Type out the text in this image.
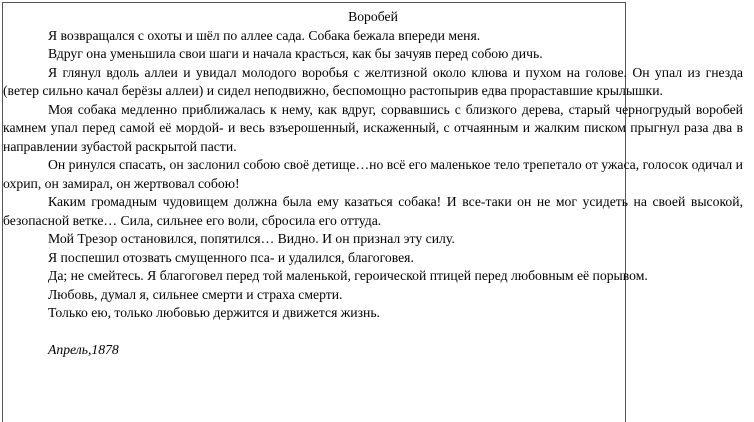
Воробей

Я возвращался с охоты и шёл по аллее сада. Собака бежала впереди меня.

Вдруг она уменьшила свои шаги и начала красться, как бы зачуяв перед собою дичь.

Я глянул вдоль аллеи и увидал молодого воробья с желтизной около клюва и пухом на голове. Он упал из гнезда (ветер сильно качал берёзы аллеи) и сидел неподвижно, беспомощно растопырив едва прораставшие крылышки.

Моя собака медленно приближалась к нему, как вдруг, сорвавшись с близкого дерева, старый черногрудый воробей камнем упал перед самой её мордой- и весь взъерошенный, искаженный, с отчаянным и жалким писком прыгнул раза два в направлении зубастой раскрытой пасти.

Он ринулся спасать, он заслонил собою своё детище…но всё его маленькое тело трепетало от ужаса, голосок одичал и охрип, он замирал, он жертвовал собою!

Каким громадным чудовищем должна была ему казаться собака! И все-таки он не мог усидеть на своей высокой, безопасной ветке… Сила, сильнее его воли, сбросила его оттуда.

Мой Трезор остановился, попятился… Видно. И он признал эту силу.

Я поспешил отозвать смущенного пса- и удалился, благоговея.

Да; не смейтесь. Я благоговел перед той маленькой, героической птицей перед любовным её порывом.

Любовь, думал я, сильнее смерти и страха смерти.

Только ею, только любовью держится и движется жизнь.

Апрель,1878
